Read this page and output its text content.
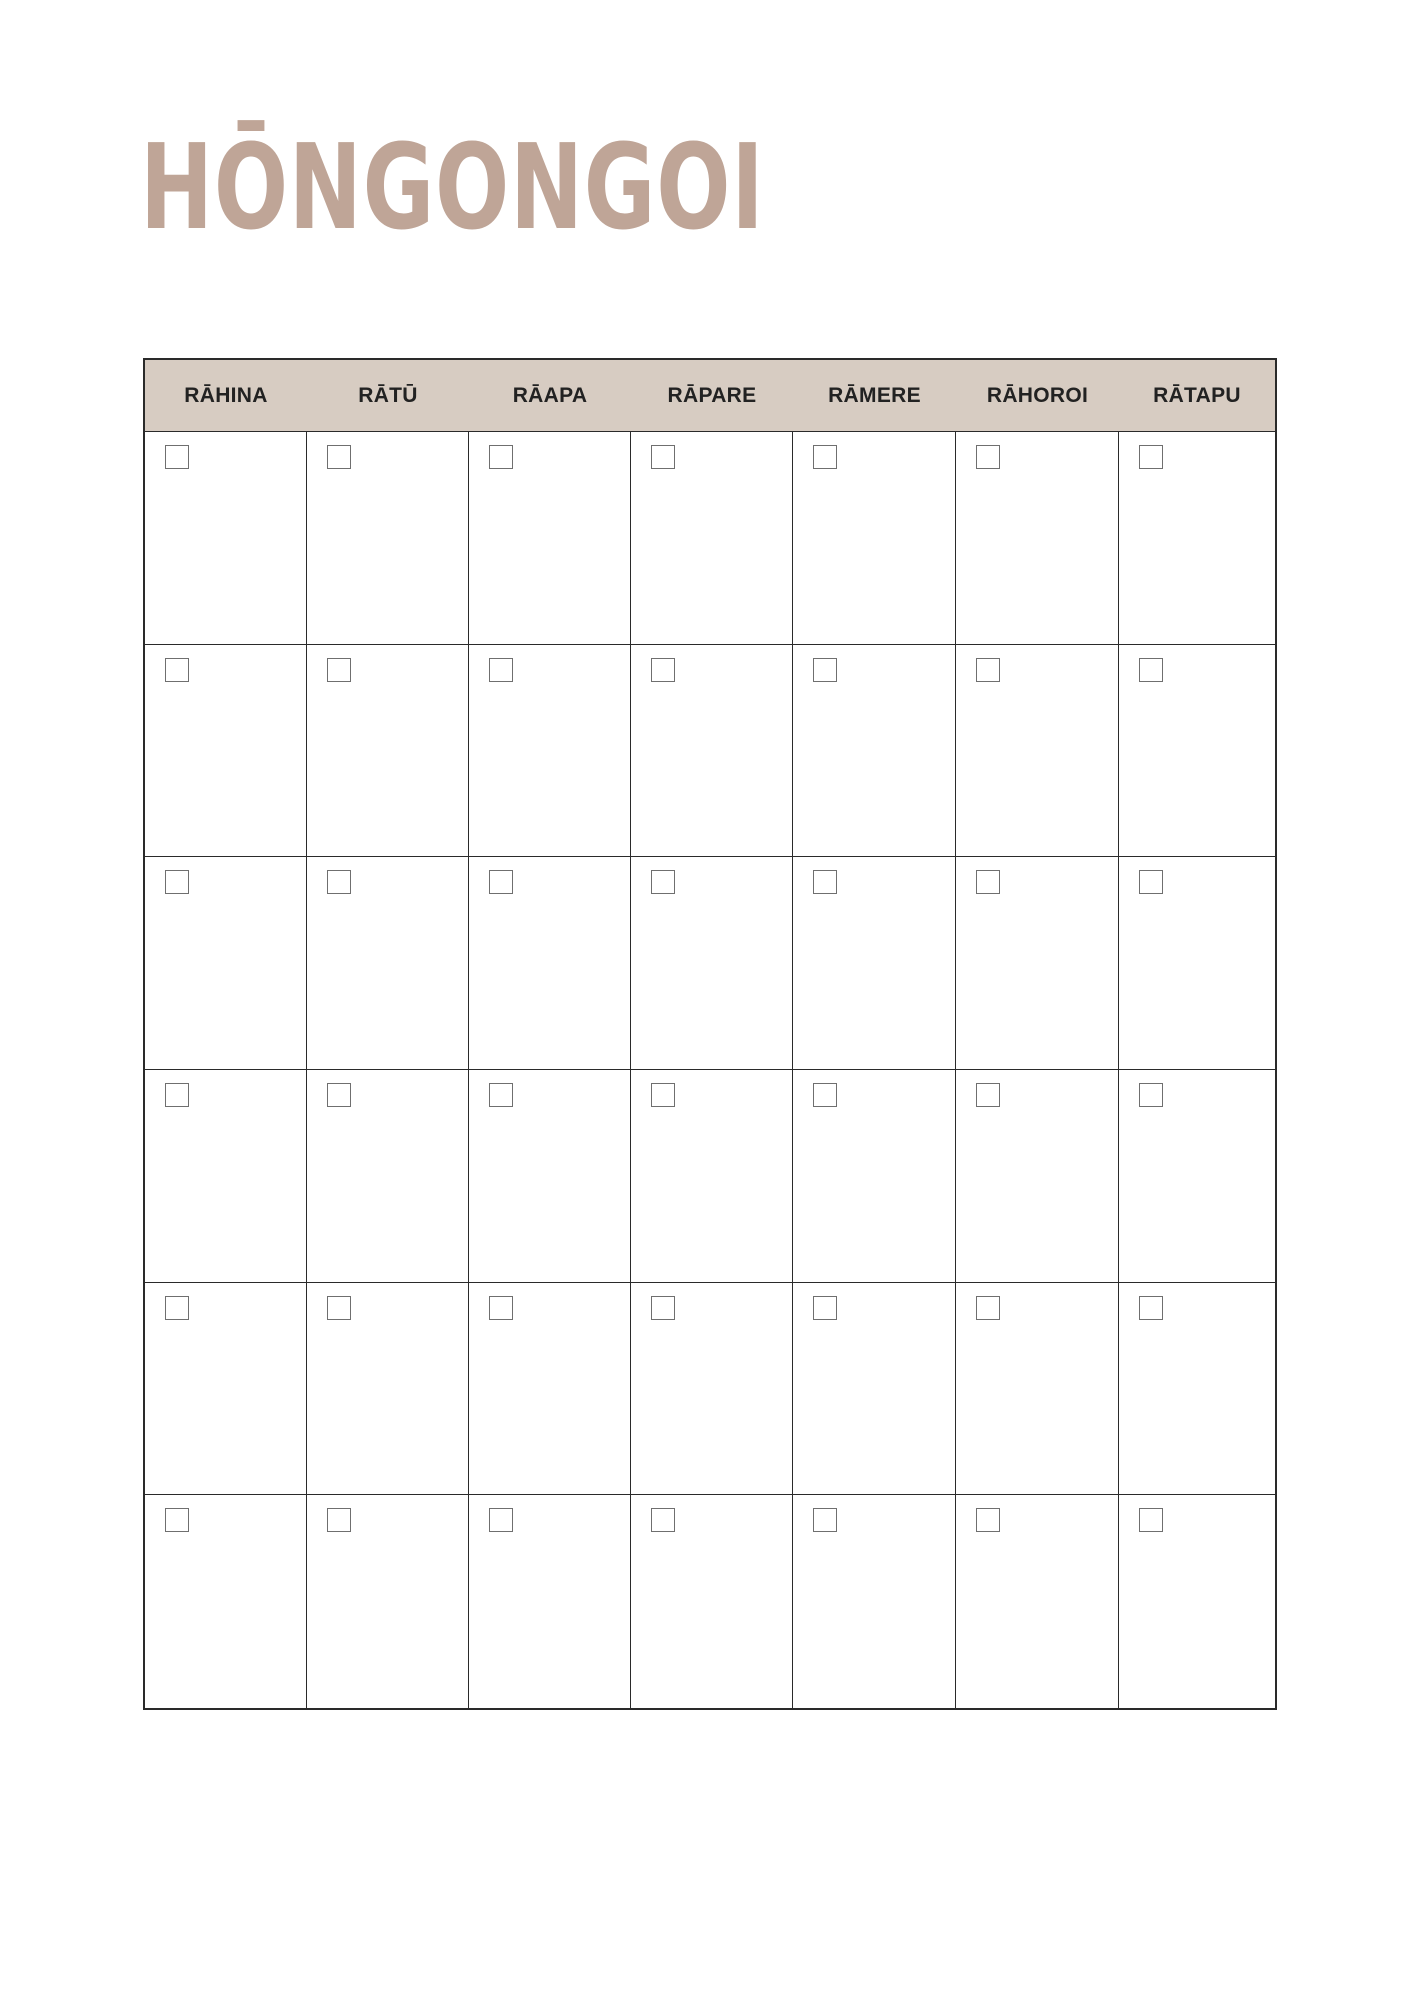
HŌNGONGOI
RĀHINA	RĀTŪ	RĀAPA	RĀPARE	RĀMERE	RĀHOROI	RĀTAPU
